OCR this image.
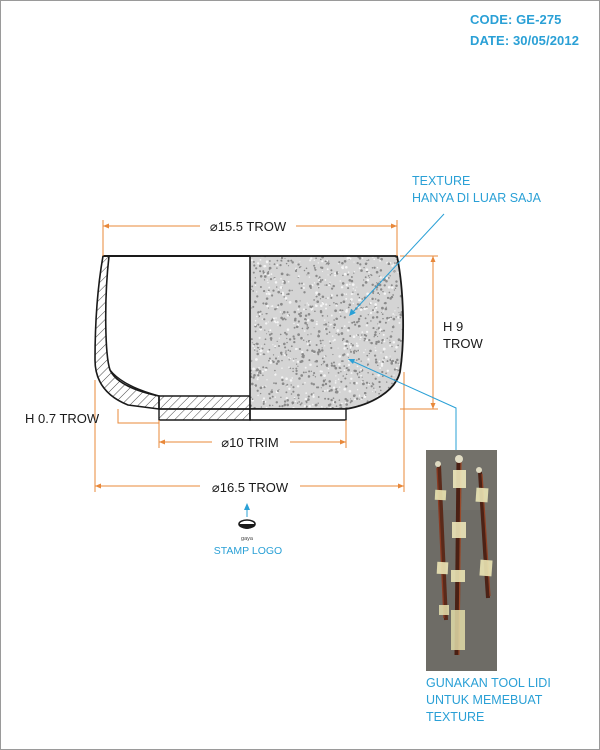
CODE: GE-275
DATE: 30/05/2012
TEXTURE
HANYA DI LUAR SAJA
GUNAKAN TOOL LIDI
UNTUK MEMEBUAT TEXTURE
⌀15.5 TROW
H 9
TROW
H 0.7 TROW
⌀10 TRIM
⌀16.5 TROW
gaya
STAMP LOGO
